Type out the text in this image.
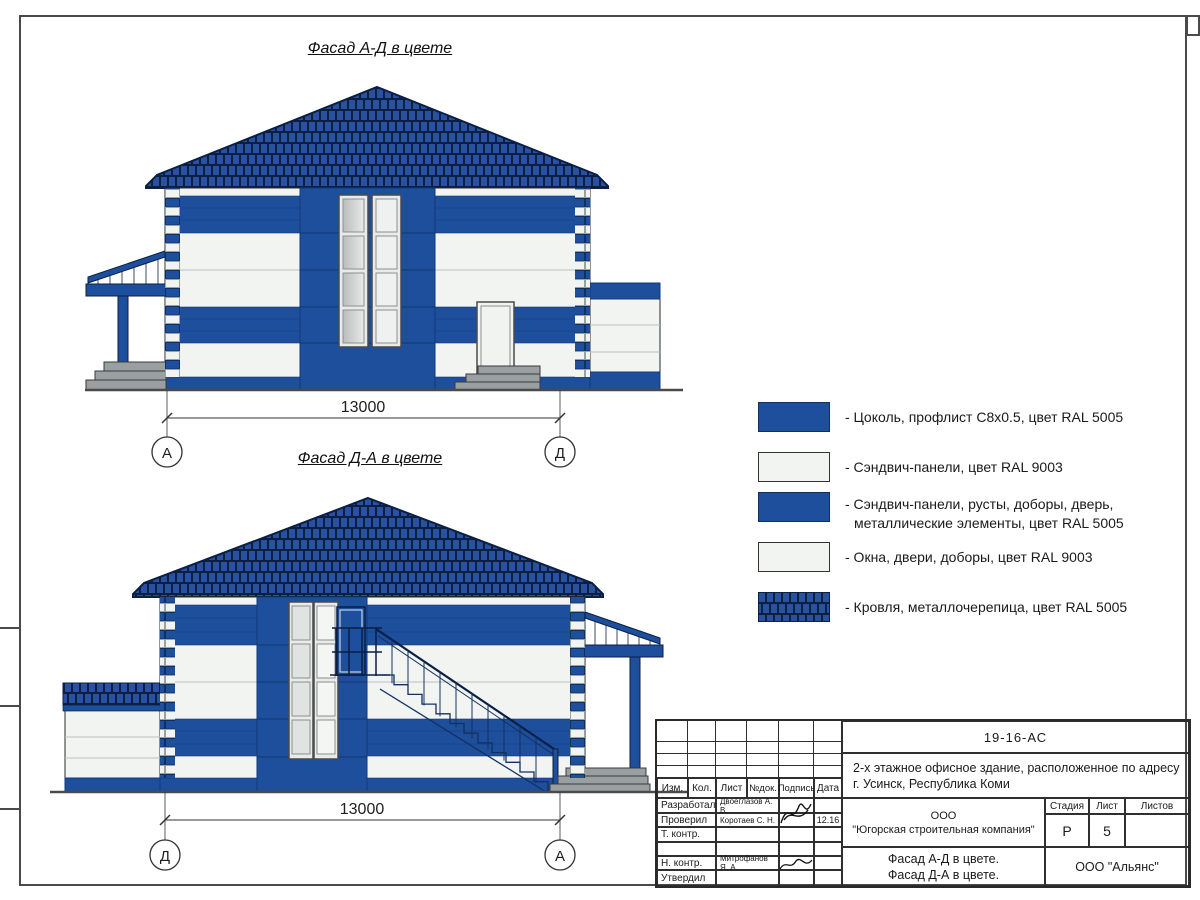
Фасад А-Д в цвете
13000
А	Д
Фасад Д-А в цвете
13000
Д	А
- Цоколь, профлист С8х0.5, цвет RAL 5005
- Сэндвич-панели, цвет RAL 9003
- Сэндвич-панели, русты, доборы, дверь,
металлические элементы, цвет RAL 5005
- Окна, двери, доборы, цвет RAL 9003
- Кровля, металлочерепица, цвет RAL 5005
Изм. Кол. Лист №док. Подпись Дата
Разработал Двоеглазов А. В.
Проверил	Коротаев С. Н.	12.16
Т. контр.
Н. контр.	Митрофанов Я. А.
Утвердил
19-16-АС
2-х этажное офисное здание, расположенное по адресу
г. Усинск, Республика Коми
ООО
"Югорская строительная компания"
Стадия	Лист	Листов
Р	5
Фасад А-Д в цвете.
Фасад Д-А в цвете.
ООО "Альянс"
